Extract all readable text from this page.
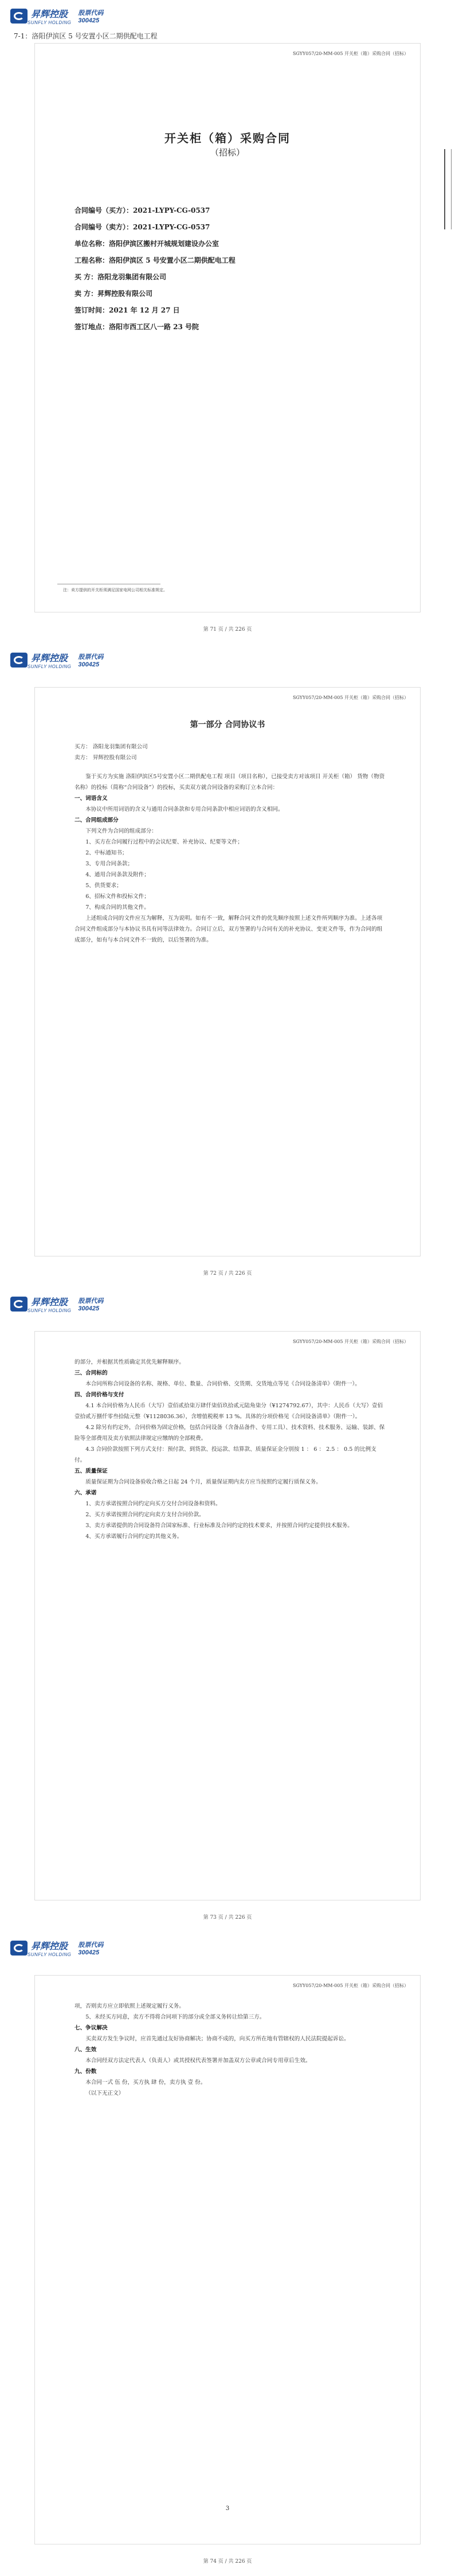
昇辉控股
SUNFLY HOLDING
股票代码
300425
7-1：洛阳伊滨区 5 号安置小区二期供配电工程
SGYY057/20-MM-005 开关柜（箱）采购合同（招标）
开关柜（箱）采购合同
（招标）
合同编号（买方）：2021-LYPY-CG-0537
合同编号（卖方）：2021-LYPY-CG-0537
单位名称：洛阳伊滨区搬村开城规划建设办公室
工程名称：洛阳伊滨区 5 号安置小区二期供配电工程
买 方：洛阳龙羽集团有限公司
卖 方：昇辉控股有限公司
签订时间：2021 年 12 月 27 日
签订地点：洛阳市西工区八一路 23 号院
注：卖方提供的开关柜须满足国家电网公司相关标准规定。
第 71 页 / 共 226 页
昇辉控股
SUNFLY HOLDING
股票代码
300425
SGYY057/20-MM-005 开关柜（箱）采购合同（招标）
第一部分 合同协议书

买方： 洛阳龙羽集团有限公司

卖方： 昇辉控股有限公司

鉴于买方为实施 洛阳伊滨区5号安置小区二期供配电工程 项目（项目名称），已接受卖方对该项目 开关柜（箱） 货物（物资名称）的投标（简称“合同设备”）的投标，买卖双方就合同设备的采购订立本合同：

一、词语含义

本协议中所用词语的含义与通用合同条款和专用合同条款中相应词语的含义相同。

二、合同组成部分

下列文件为合同的组成部分：

1、买方在合同履行过程中的会议纪要、补充协议、纪要等文件；

2、中标通知书；

3、专用合同条款；

4、通用合同条款及附件；

5、供货要求；

6、招标文件和投标文件；

7、构成合同的其他文件。

上述组成合同的文件应互为解释，互为说明。如有不一致，解释合同文件的优先顺序按照上述文件所列顺序为准。上述各项合同文件组成部分与本协议书具有同等法律效力。合同订立后，双方签署的与合同有关的补充协议、变更文件等，作为合同的组成部分，如有与本合同文件不一致的，以后签署的为准。

第 72 页 / 共 226 页
昇辉控股
SUNFLY HOLDING
股票代码
300425
SGYY057/20-MM-005 开关柜（箱）采购合同（招标）

的部分，并根据其性质确定其优先解释顺序。

三、合同标的

本合同所称合同设备的名称、规格、单位、数量、合同价格、交货期、交货地点等见《合同设备清单》（附件一）。

四、合同价格与支付

4.1 本合同价格为人民币（大写）壹佰贰拾柒万肆仟柒佰玖拾贰元陆角柒分（¥1274792.67），其中：人民币（大写）壹佰壹拾贰万捌仟零叁拾陆元整（¥1128036.36），含增值税税率 13 %。具体的分项价格见《合同设备清单》（附件一）。

4.2 除另有约定外，合同价格为固定价格，包括合同设备（含备品备件、专用工具）、技术资料、技术服务、运输、装卸、保险等全部费用及卖方依照法律规定应缴纳的全部税费。

4.3 合同价款按照下列方式支付：预付款、到货款、投运款、结算款、质量保证金分别按 1 ： 6 ： 2.5 ： 0.5 的比例支付。

五、质量保证

质量保证期为合同设备验收合格之日起 24 个月，质量保证期内卖方应当按照约定履行质保义务。

六、承诺

1、卖方承诺按照合同约定向买方交付合同设备和资料。

2、买方承诺按照合同约定向卖方支付合同价款。

3、卖方承诺提供的合同设备符合国家标准、行业标准及合同约定的技术要求，并按照合同约定提供技术服务。

4、买方承诺履行合同约定的其他义务。

第 73 页 / 共 226 页
昇辉控股
SUNFLY HOLDING
股票代码
300425
SGYY057/20-MM-005 开关柜（箱）采购合同（招标）

项，否则卖方应立即依照上述规定履行义务。

5、未经买方同意，卖方不得将合同项下的部分或全部义务转让给第三方。

七、争议解决

买卖双方发生争议时，应首先通过友好协商解决；协商不成的，向买方所在地有管辖权的人民法院提起诉讼。

八、生效

本合同经双方法定代表人（负责人）或其授权代表签署并加盖双方公章或合同专用章后生效。

九、份数

本合同一式 伍 份，买方执 肆 份，卖方执 壹 份。

（以下无正文）

3
第 74 页 / 共 226 页
